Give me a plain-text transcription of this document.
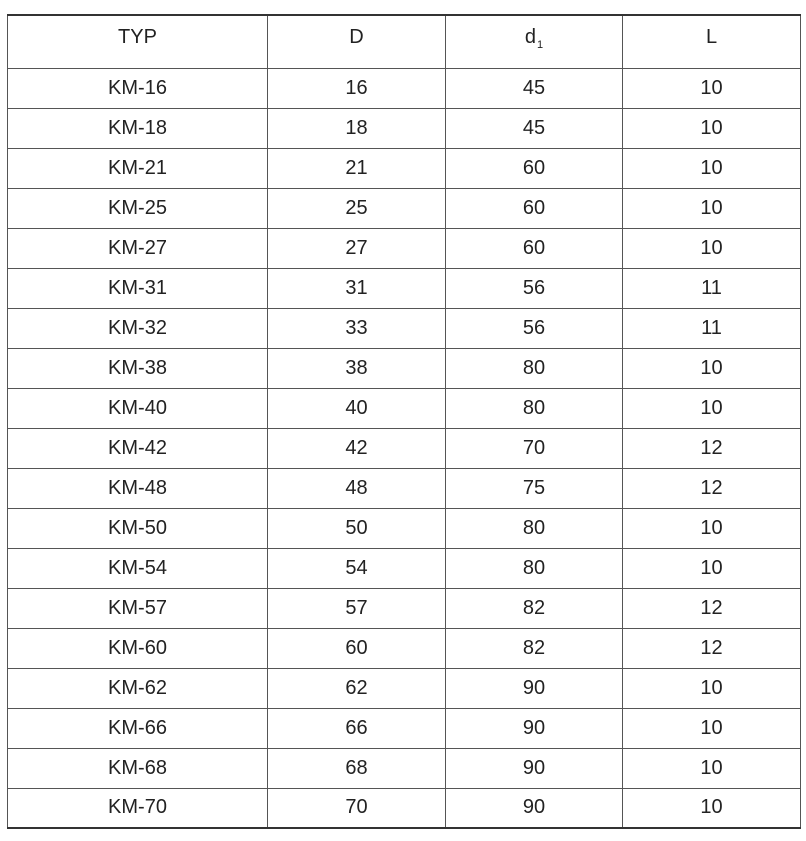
TYP	D	$d_1$	L
KM-16	16	45	10
KM-18	18	45	10
KM-21	21	60	10
KM-25	25	60	10
KM-27	27	60	10
KM-31	31	56	11
KM-32	33	56	11
KM-38	38	80	10
KM-40	40	80	10
KM-42	42	70	12
KM-48	48	75	12
KM-50	50	80	10
KM-54	54	80	10
KM-57	57	82	12
KM-60	60	82	12
KM-62	62	90	10
KM-66	66	90	10
KM-68	68	90	10
KM-70	70	90	10
